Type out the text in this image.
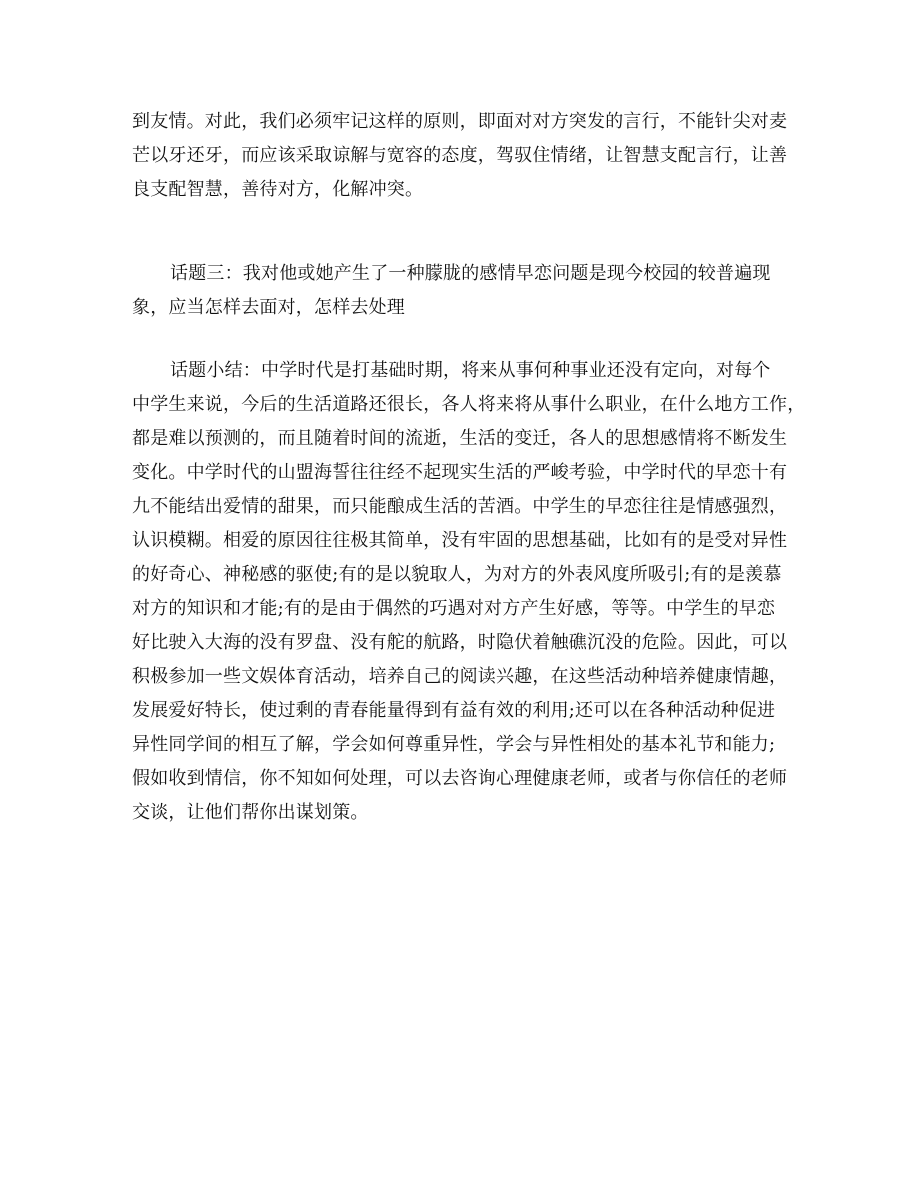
到友情。对此，我们必须牢记这样的原则，即面对对方突发的言行，不能针尖对麦
芒以牙还牙，而应该采取谅解与宽容的态度，驾驭住情绪，让智慧支配言行，让善
良支配智慧，善待对方，化解冲突。

话题三：我对他或她产生了一种朦胧的感情早恋问题是现今校园的较普遍现
象，应当怎样去面对，怎样去处理

话题小结：中学时代是打基础时期，将来从事何种事业还没有定向，对每个
中学生来说，今后的生活道路还很长，各人将来将从事什么职业，在什么地方工作，
都是难以预测的，而且随着时间的流逝，生活的变迁，各人的思想感情将不断发生
变化。中学时代的山盟海誓往往经不起现实生活的严峻考验，中学时代的早恋十有
九不能结出爱情的甜果，而只能酿成生活的苦酒。中学生的早恋往往是情感强烈，
认识模糊。相爱的原因往往极其简单，没有牢固的思想基础，比如有的是受对异性
的好奇心、神秘感的驱使;有的是以貌取人，为对方的外表风度所吸引;有的是羡慕
对方的知识和才能;有的是由于偶然的巧遇对对方产生好感，等等。中学生的早恋
好比驶入大海的没有罗盘、没有舵的航路，时隐伏着触礁沉没的危险。因此，可以
积极参加一些文娱体育活动，培养自己的阅读兴趣，在这些活动种培养健康情趣，
发展爱好特长，使过剩的青春能量得到有益有效的利用;还可以在各种活动种促进
异性同学间的相互了解，学会如何尊重异性，学会与异性相处的基本礼节和能力;
假如收到情信，你不知如何处理，可以去咨询心理健康老师，或者与你信任的老师
交谈，让他们帮你出谋划策。
